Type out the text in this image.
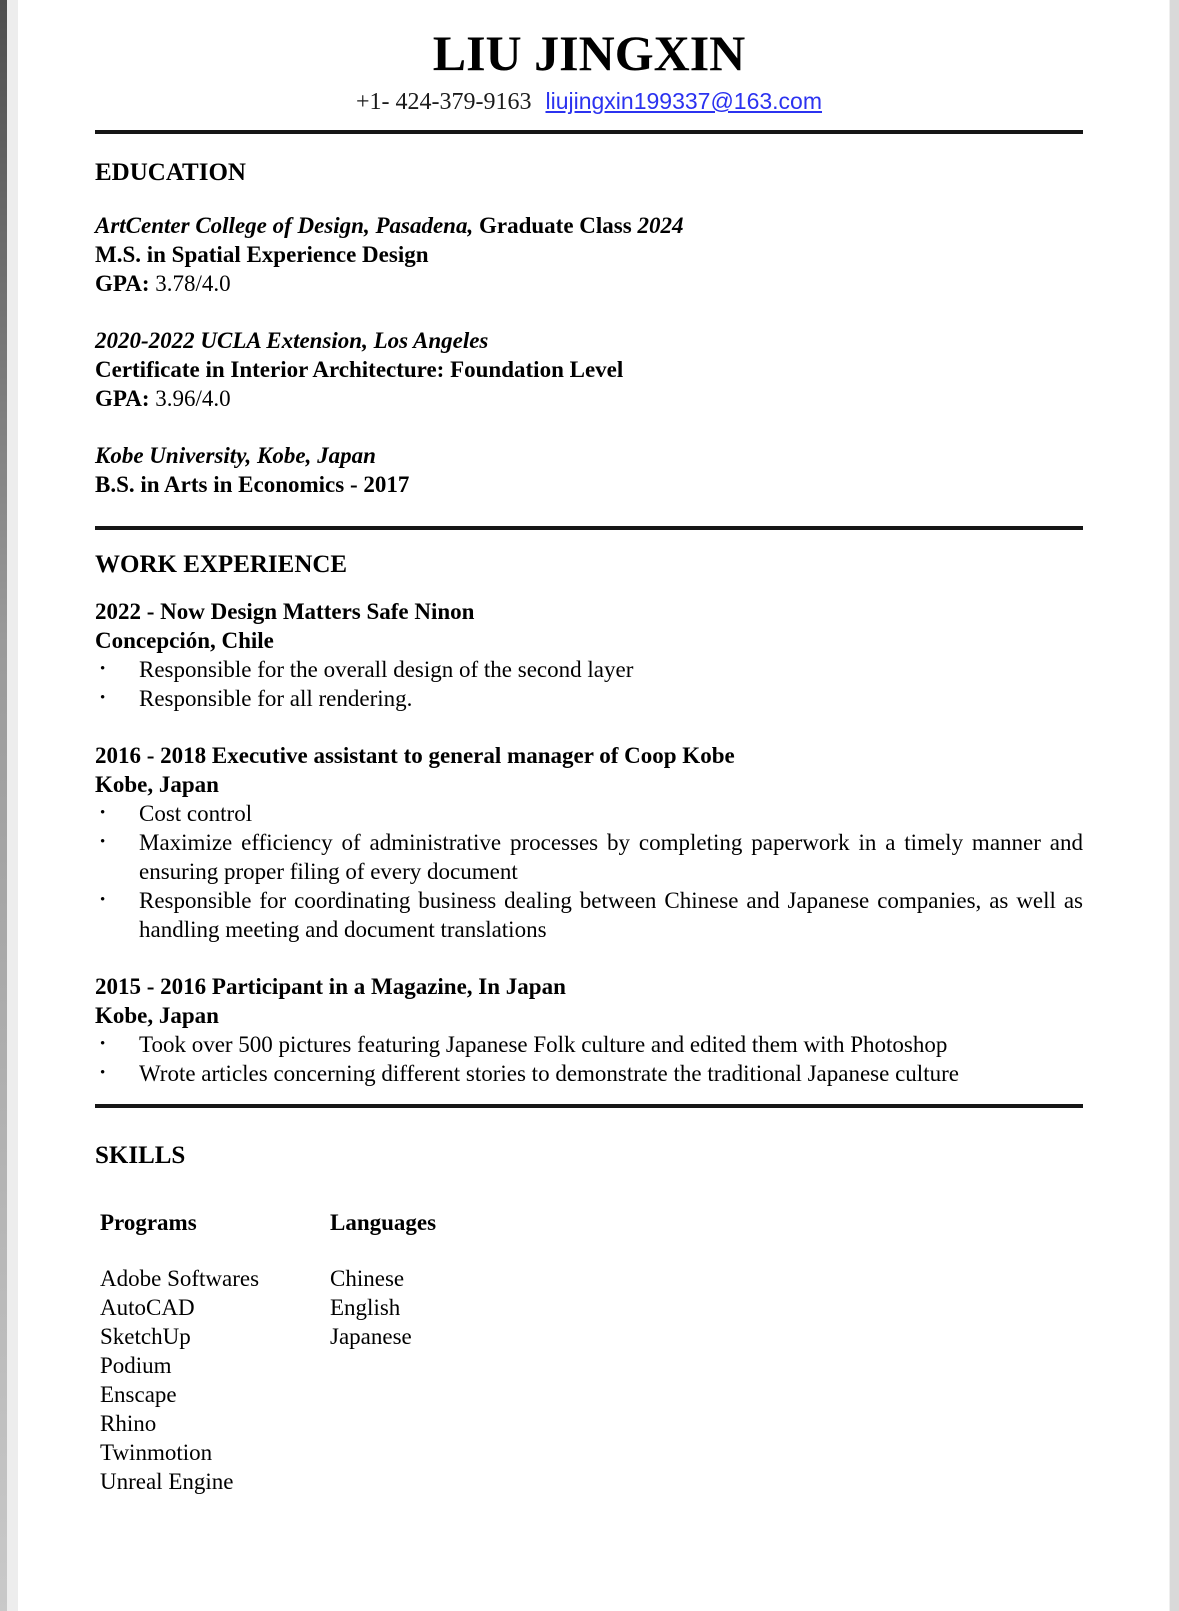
LIU JINGXIN
+1- 424-379-9163 liujingxin199337@163.com
EDUCATION
ArtCenter College of Design, Pasadena, Graduate Class 2024
M.S. in Spatial Experience Design
GPA: 3.78/4.0
2020-2022 UCLA Extension, Los Angeles
Certificate in Interior Architecture: Foundation Level
GPA: 3.96/4.0
Kobe University, Kobe, Japan
B.S. in Arts in Economics - 2017
WORK EXPERIENCE
2022 - Now Design Matters Safe Ninon
Concepción, Chile
•	Responsible for the overall design of the second layer
•	Responsible for all rendering.
2016 - 2018 Executive assistant to general manager of Coop Kobe
Kobe, Japan
•	Cost control
•	Maximize efficiency of administrative processes by completing paperwork in a timely manner and ensuring proper filing of every document
•	Responsible for coordinating business dealing between Chinese and Japanese companies, as well as handling meeting and document translations
2015 - 2016 Participant in a Magazine, In Japan
Kobe, Japan
•	Took over 500 pictures featuring Japanese Folk culture and edited them with Photoshop
•	Wrote articles concerning different stories to demonstrate the traditional Japanese culture
SKILLS
Programs
Adobe Softwares
AutoCAD
SketchUp
Podium
Enscape
Rhino
Twinmotion
Unreal Engine
Languages
Chinese
English
Japanese
